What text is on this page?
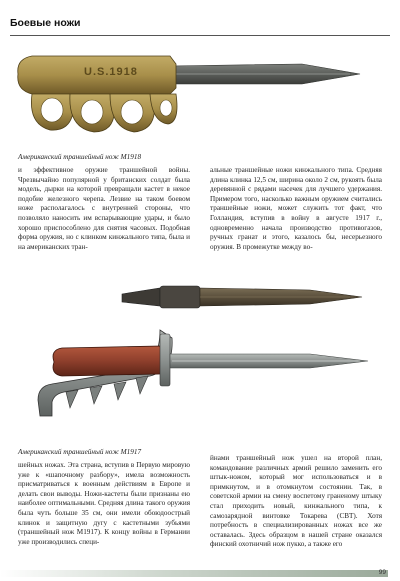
Боевые ножи
U.S.1918
Американский траншейный нож M1918

и эффективное оружие траншейной войны. Чрезвычайно популярной у британских солдат была модель, дырки на которой превращали кастет в некое подобие железного черепа. Лезвие на таком боевом ноже располагалось с внутренней стороны, что позволяло наносить им вспарывающие удары, и было хорошо приспособлено для снятия часовых. Подобная форма оружия, но с клинком кинжального типа, была и на американских тран-

альные траншейные ножи кинжального типа. Средняя длина клинка 12,5 см, ширина около 2 см, рукоять была деревянной с рядами насечек для лучшего удержания. Примером того, насколько важным оружием считались траншейные ножи, может служить тот факт, что Голландия, вступив в войну в августе 1917 г., одновременно начала производство противогазов, ручных гранат и этого, казалось бы, несерьезного оружия. В промежутке между во-

Американский траншейный нож M1917

шейных ножах. Эта страна, вступив в Первую мировую уже к «шапочному разбору», имела возможность присматриваться к военным действиям в Европе и делать свои выводы. Ножи-кастеты были признаны ею наиболее оптимальными. Средняя длина такого оружия была чуть больше 35 см, они имели обоюдоострый клинок и защитную дугу с кастетными зубьями (траншейный нож M1917). К концу войны в Германии уже производились специ-

йнами траншейный нож ушел на второй план, командование различных армий решило заменить его штык-ножом, который мог использоваться и в примкнутом, и в отомкнутом состоянии. Так, в советской армии на смену воспетому граненому штыку стал приходить новый, кинжального типа, к самозарядной винтовке Токарева (СВТ). Хотя потребность в специализированных ножах все же оставалась. Здесь образцом в нашей стране оказался финский охотничий нож пукко, а также его

99
